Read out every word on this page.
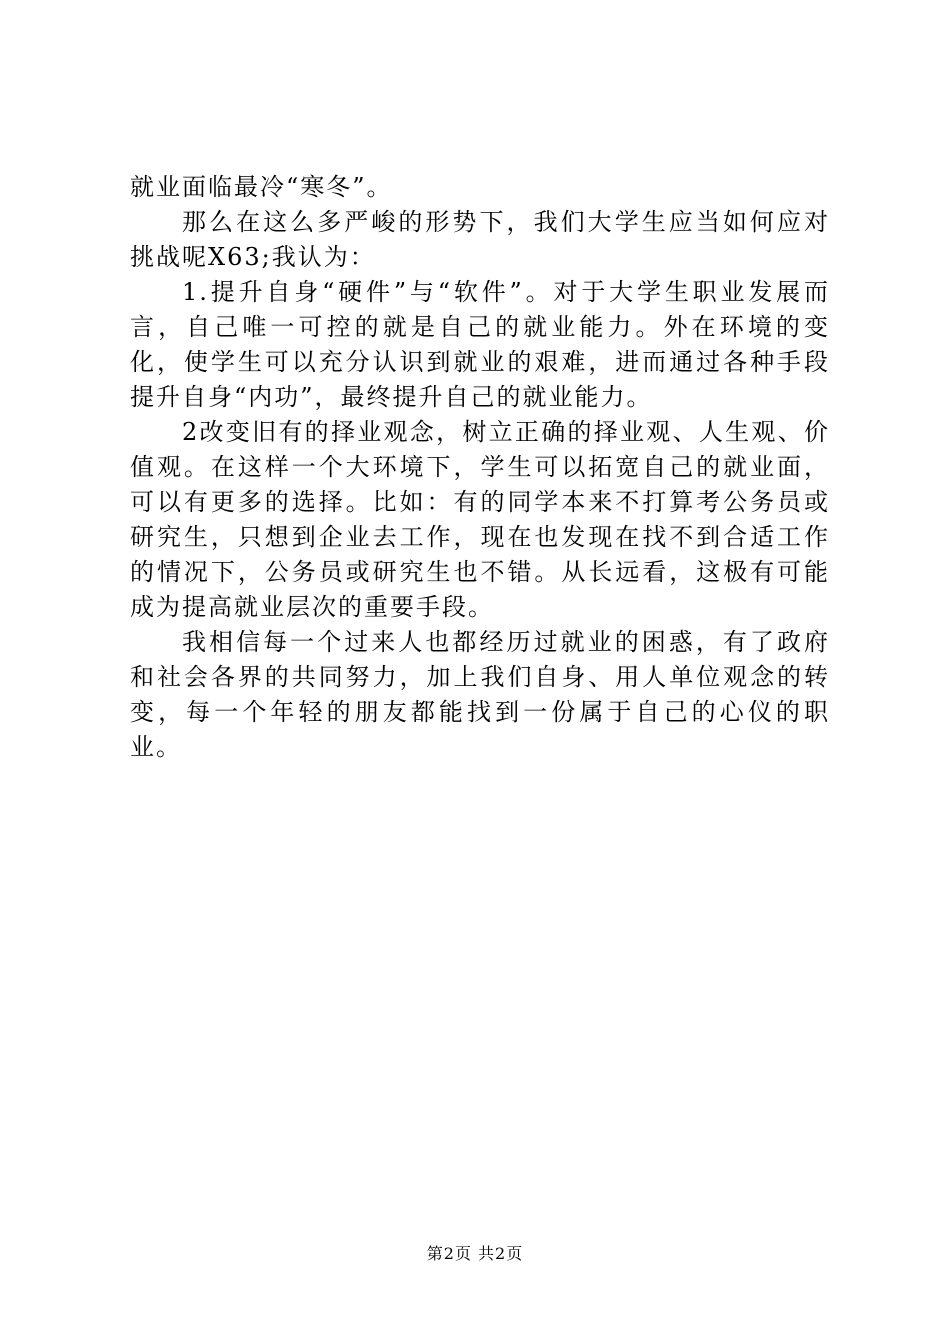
就业面临最冷“寒冬”。

那么在这么多严峻的形势下，我们大学生应当如何应对挑战呢X63;我认为：

1.提升自身“硬件”与“软件”。对于大学生职业发展而言，自己唯一可控的就是自己的就业能力。外在环境的变化，使学生可以充分认识到就业的艰难，进而通过各种手段提升自身“内功”，最终提升自己的就业能力。

2改变旧有的择业观念，树立正确的择业观、人生观、价值观。在这样一个大环境下，学生可以拓宽自己的就业面，可以有更多的选择。比如：有的同学本来不打算考公务员或研究生，只想到企业去工作，现在也发现在找不到合适工作的情况下，公务员或研究生也不错。从长远看，这极有可能成为提高就业层次的重要手段。

我相信每一个过来人也都经历过就业的困惑，有了政府和社会各界的共同努力，加上我们自身、用人单位观念的转变，每一个年轻的朋友都能找到一份属于自己的心仪的职业。

第2页 共2页
